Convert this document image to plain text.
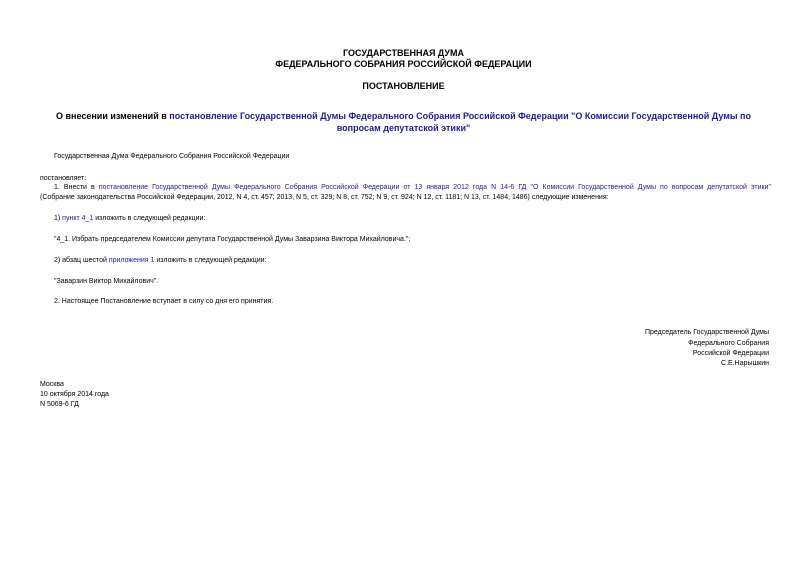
ГОСУДАРСТВЕННАЯ ДУМА
ФЕДЕРАЛЬНОГО СОБРАНИЯ РОССИЙСКОЙ ФЕДЕРАЦИИ
ПОСТАНОВЛЕНИЕ
О внесении изменений в постановление Государственной Думы Федерального Собрания Российской Федерации "О Комиссии Государственной Думы по вопросам депутатской этики"
Государственная Дума Федерального Собрания Российской Федерации
постановляет:
1. Внести в постановление Государственной Думы Федерального Собрания Российской Федерации от 13 января 2012 года N 14-6 ГД "О Комиссии Государственной Думы по вопросам депутатской этики"
(Собрание законодательства Российской Федерации, 2012, N 4, ст. 457; 2013, N 5, ст. 329; N 8, ст. 752; N 9, ст. 924; N 12, ст. 1181; N 13, ст. 1484, 1486) следующие изменения:
1) пункт 4_1 изложить в следующей редакции:
"4_1. Избрать председателем Комиссии депутата Государственной Думы Заварзина Виктора Михайловича.";
2) абзац шестой приложения 1 изложить в следующей редакции:
"Заварзин Виктор Михайлович".
2. Настоящее Постановление вступает в силу со дня его принятия.
Председатель Государственной Думы
Федерального Собрания
Российской Федерации
С.Е.Нарышкин
Москва
10 октября 2014 года
N 5069-6 ГД
